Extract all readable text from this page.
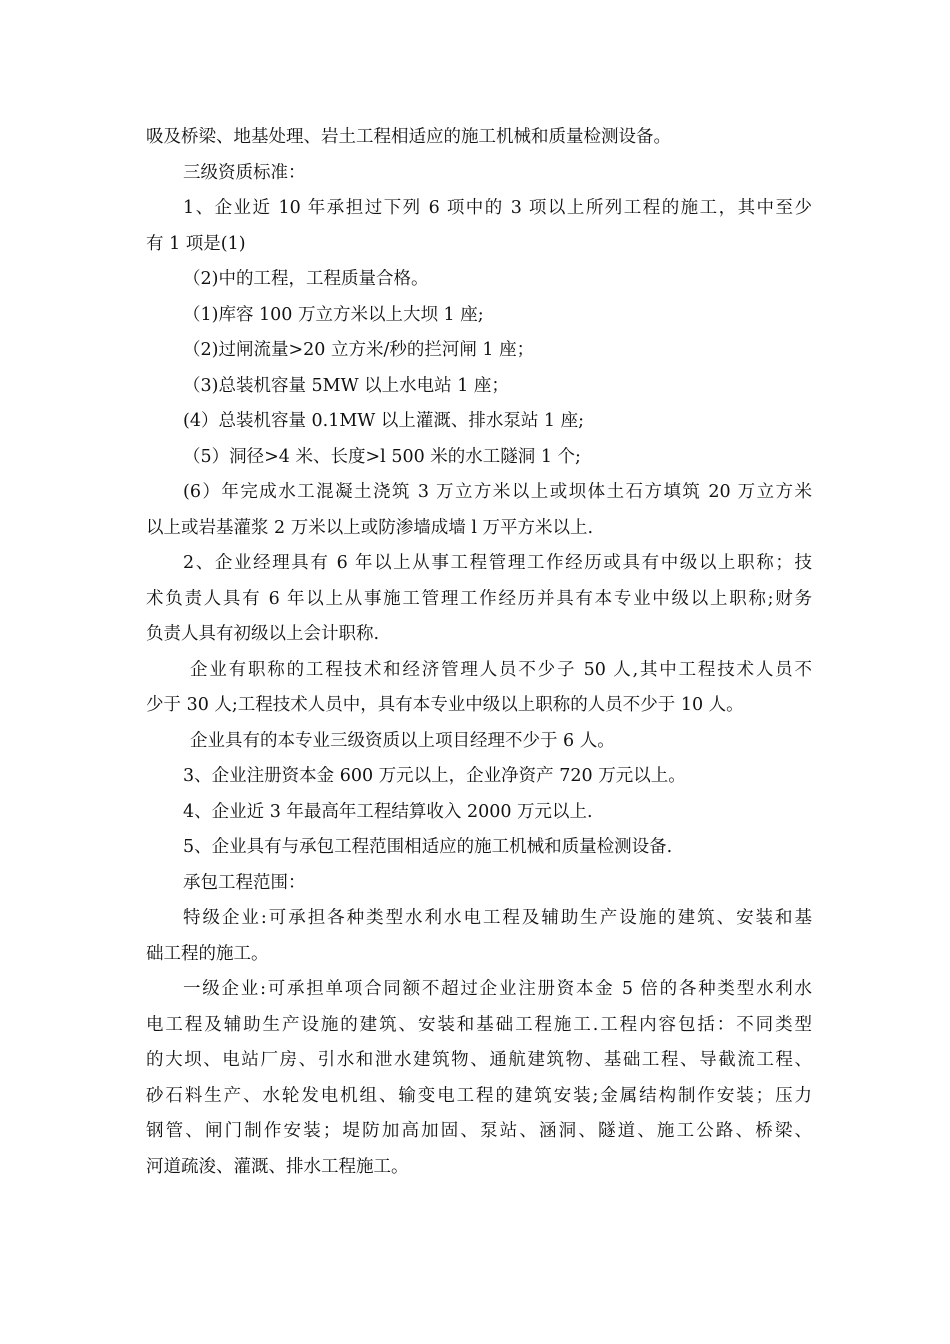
吸及桥梁、地基处理、岩土工程相适应的施工机械和质量检测设备。
三级资质标准：
1、企业近 10 年承担过下列 6 项中的 3 项以上所列工程的施工，其中至少
有 1 项是(1)
（2)中的工程，工程质量合格。
（1)库容 100 万立方米以上大坝 1 座;
（2)过闸流量>20 立方米/秒的拦河闸 1 座；
（3)总装机容量 5MW 以上水电站 1 座；
(4）总装机容量 0.1MW 以上灌溉、排水泵站 1 座;
（5）洞径>4 米、长度>l 500 米的水工隧洞 1 个;
(6）年完成水工混凝土浇筑 3 万立方米以上或坝体土石方填筑 20 万立方米
以上或岩基灌浆 2 万米以上或防渗墙成墙 l 万平方米以上.
2、企业经理具有 6 年以上从事工程管理工作经历或具有中级以上职称；技
术负责人具有 6 年以上从事施工管理工作经历并具有本专业中级以上职称;财务
负责人具有初级以上会计职称.
企业有职称的工程技术和经济管理人员不少子 50 人,其中工程技术人员不
少于 30 人;工程技术人员中，具有本专业中级以上职称的人员不少于 10 人。
企业具有的本专业三级资质以上项目经理不少于 6 人。
3、企业注册资本金 600 万元以上，企业净资产 720 万元以上。
4、企业近 3 年最高年工程结算收入 2000 万元以上.
5、企业具有与承包工程范围相适应的施工机械和质量检测设备.
承包工程范围：
特级企业:可承担各种类型水利水电工程及辅助生产设施的建筑、安装和基
础工程的施工。
一级企业:可承担单项合同额不超过企业注册资本金 5 倍的各种类型水利水
电工程及辅助生产设施的建筑、安装和基础工程施工.工程内容包括：不同类型
的大坝、电站厂房、引水和泄水建筑物、通航建筑物、基础工程、导截流工程、
砂石料生产、水轮发电机组、输变电工程的建筑安装;金属结构制作安装；压力
钢管、闸门制作安装；堤防加高加固、泵站、涵洞、隧道、施工公路、桥梁、
河道疏浚、灌溉、排水工程施工。
